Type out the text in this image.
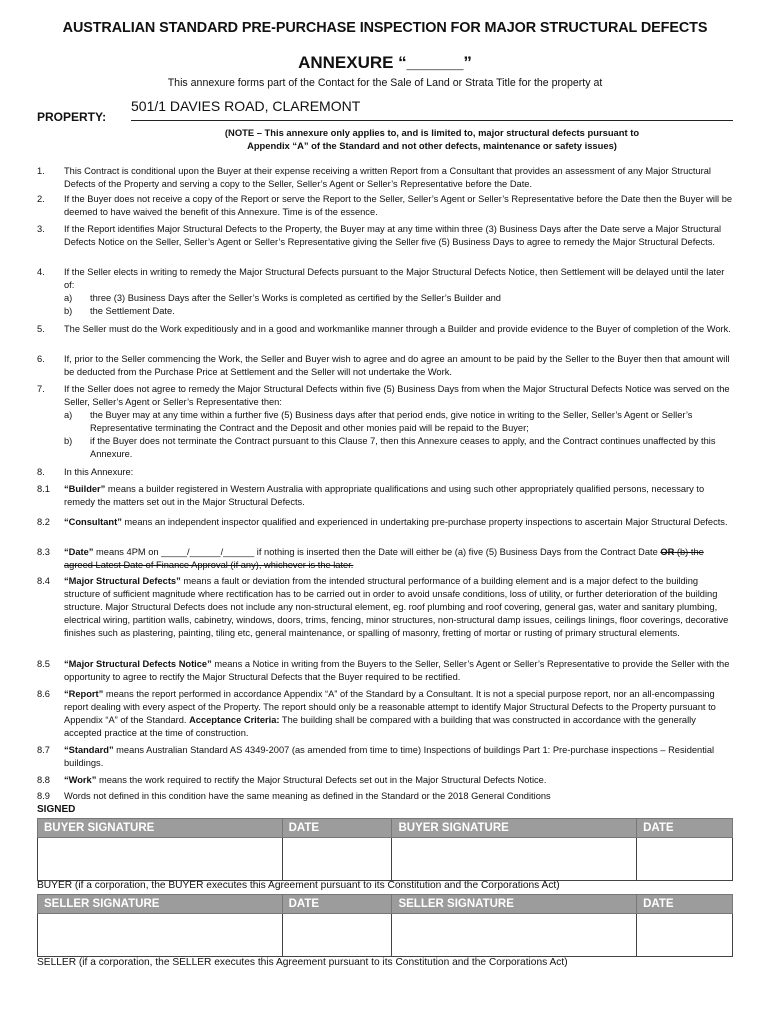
AUSTRALIAN STANDARD PRE-PURCHASE INSPECTION FOR MAJOR STRUCTURAL DEFECTS
ANNEXURE “______”
This annexure forms part of the Contact for the Sale of Land or Strata Title for the property at
PROPERTY:
501/1 DAVIES ROAD, CLAREMONT
(NOTE – This annexure only applies to, and is limited to, major structural defects pursuant to
Appendix “A” of the Standard and not other defects, maintenance or safety issues)
1. This Contract is conditional upon the Buyer at their expense receiving a written Report from a Consultant that provides an assessment of any Major Structural Defects of the Property and serving a copy to the Seller, Seller’s Agent or Seller’s Representative before the Date.
2. If the Buyer does not receive a copy of the Report or serve the Report to the Seller, Seller’s Agent or Seller’s Representative before the Date then the Buyer will be deemed to have waived the benefit of this Annexure. Time is of the essence.
3. If the Report identifies Major Structural Defects to the Property, the Buyer may at any time within three (3) Business Days after the Date serve a Major Structural Defects Notice on the Seller, Seller’s Agent or Seller’s Representative giving the Seller five (5) Business Days to agree to remedy the Major Structural Defects.
4. If the Seller elects in writing to remedy the Major Structural Defects pursuant to the Major Structural Defects Notice, then Settlement will be delayed until the later of:
a) three (3) Business Days after the Seller’s Works is completed as certified by the Seller’s Builder and
b) the Settlement Date.
5. The Seller must do the Work expeditiously and in a good and workmanlike manner through a Builder and provide evidence to the Buyer of completion of the Work.
6. If, prior to the Seller commencing the Work, the Seller and Buyer wish to agree and do agree an amount to be paid by the Seller to the Buyer then that amount will be deducted from the Purchase Price at Settlement and the Seller will not undertake the Work.
7. If the Seller does not agree to remedy the Major Structural Defects within five (5) Business Days from when the Major Structural Defects Notice was served on the Seller, Seller’s Agent or Seller’s Representative then:
a) the Buyer may at any time within a further five (5) Business days after that period ends, give notice in writing to the Seller, Seller’s Agent or Seller’s Representative terminating the Contract and the Deposit and other monies paid will be repaid to the Buyer;
b) if the Buyer does not terminate the Contract pursuant to this Clause 7, then this Annexure ceases to apply, and the Contract continues unaffected by this Annexure.
8. In this Annexure:
8.1 “Builder” means a builder registered in Western Australia with appropriate qualifications and using such other appropriately qualified persons, necessary to remedy the matters set out in the Major Structural Defects.
8.2 “Consultant” means an independent inspector qualified and experienced in undertaking pre-purchase property inspections to ascertain Major Structural Defects.
8.3 “Date” means 4PM on _____/______/______ if nothing is inserted then the Date will either be (a) five (5) Business Days from the Contract Date OR (b) the agreed Latest Date of Finance Approval (if any), whichever is the later.
8.4 “Major Structural Defects” means a fault or deviation from the intended structural performance of a building element and is a major defect to the building structure of sufficient magnitude where rectification has to be carried out in order to avoid unsafe conditions, loss of utility, or further deterioration of the building structure. Major Structural Defects does not include any non-structural element, eg. roof plumbing and roof covering, general gas, water and sanitary plumbing, electrical wiring, partition walls, cabinetry, windows, doors, trims, fencing, minor structures, non-structural damp issues, ceilings linings, floor coverings, decorative finishes such as plastering, painting, tiling etc, general maintenance, or spalling of masonry, fretting of mortar or rusting of primary structural elements.
8.5 “Major Structural Defects Notice” means a Notice in writing from the Buyers to the Seller, Seller’s Agent or Seller’s Representative to provide the Seller with the opportunity to agree to rectify the Major Structural Defects that the Buyer required to be rectified.
8.6 “Report” means the report performed in accordance Appendix “A” of the Standard by a Consultant. It is not a special purpose report, nor an all-encompassing report dealing with every aspect of the Property. The report should only be a reasonable attempt to identify Major Structural Defects to the Property pursuant to Appendix “A” of the Standard. Acceptance Criteria: The building shall be compared with a building that was constructed in accordance with the generally accepted practice at the time of construction.
8.7 “Standard” means Australian Standard AS 4349-2007 (as amended from time to time) Inspections of buildings Part 1: Pre-purchase inspections – Residential buildings.
8.8 “Work” means the work required to rectify the Major Structural Defects set out in the Major Structural Defects Notice.
8.9 Words not defined in this condition have the same meaning as defined in the Standard or the 2018 General Conditions
SIGNED
BUYER SIGNATURE	DATE	BUYER SIGNATURE	DATE

BUYER (if a corporation, the BUYER executes this Agreement pursuant to its Constitution and the Corporations Act)
SELLER SIGNATURE	DATE	SELLER SIGNATURE	DATE

SELLER (if a corporation, the SELLER executes this Agreement pursuant to its Constitution and the Corporations Act)
